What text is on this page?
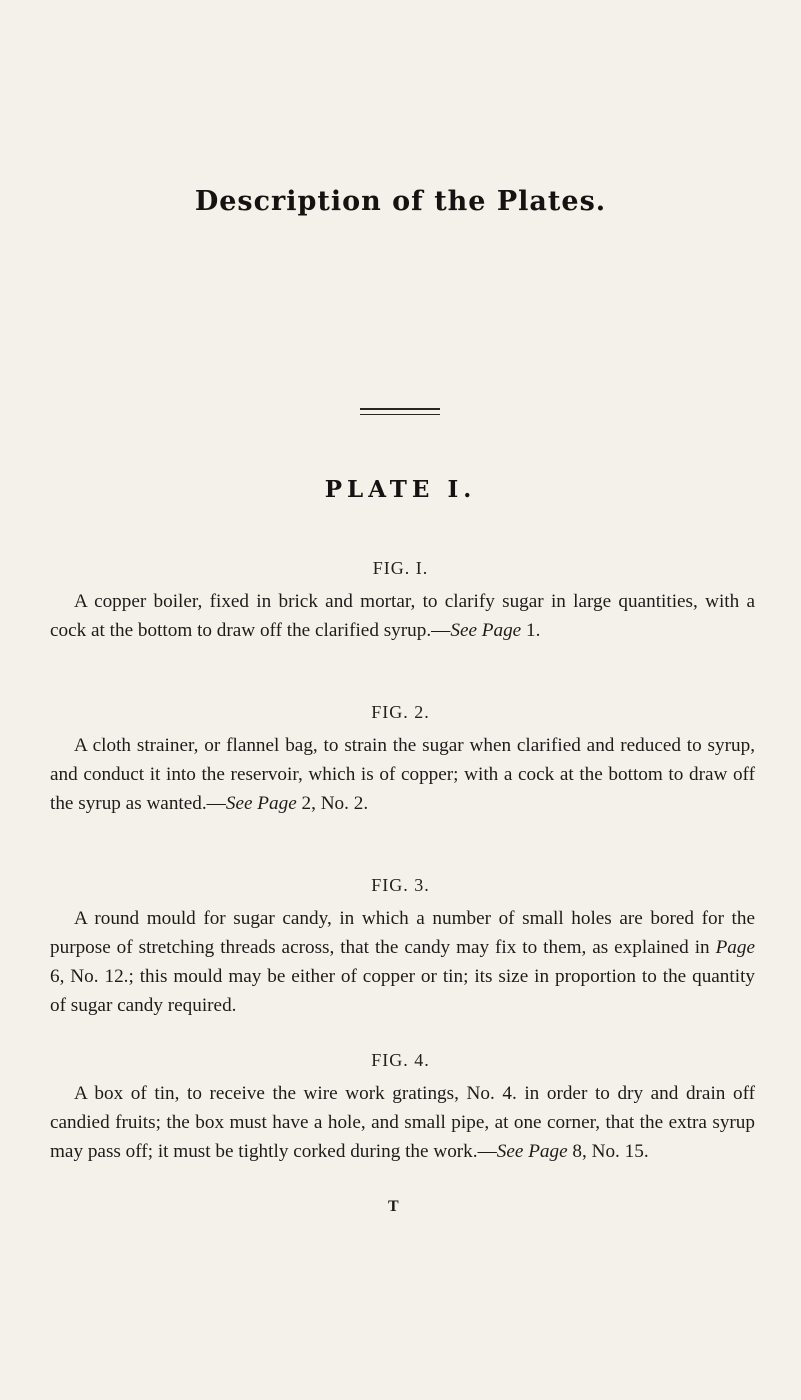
Description of the Plates.
PLATE I.
FIG. I.
A copper boiler, fixed in brick and mortar, to clarify sugar in large quantities, with a cock at the bottom to draw off the clarified syrup.—See Page 1.
FIG. 2.
A cloth strainer, or flannel bag, to strain the sugar when clarified and reduced to syrup, and conduct it into the reservoir, which is of copper; with a cock at the bottom to draw off the syrup as wanted.—See Page 2, No. 2.
FIG. 3.
A round mould for sugar candy, in which a number of small holes are bored for the purpose of stretching threads across, that the candy may fix to them, as explained in Page 6, No. 12.; this mould may be either of copper or tin; its size in proportion to the quantity of sugar candy required.
FIG. 4.
A box of tin, to receive the wire work gratings, No. 4. in order to dry and drain off candied fruits; the box must have a hole, and small pipe, at one corner, that the extra syrup may pass off; it must be tightly corked during the work.—See Page 8, No. 15.
T
